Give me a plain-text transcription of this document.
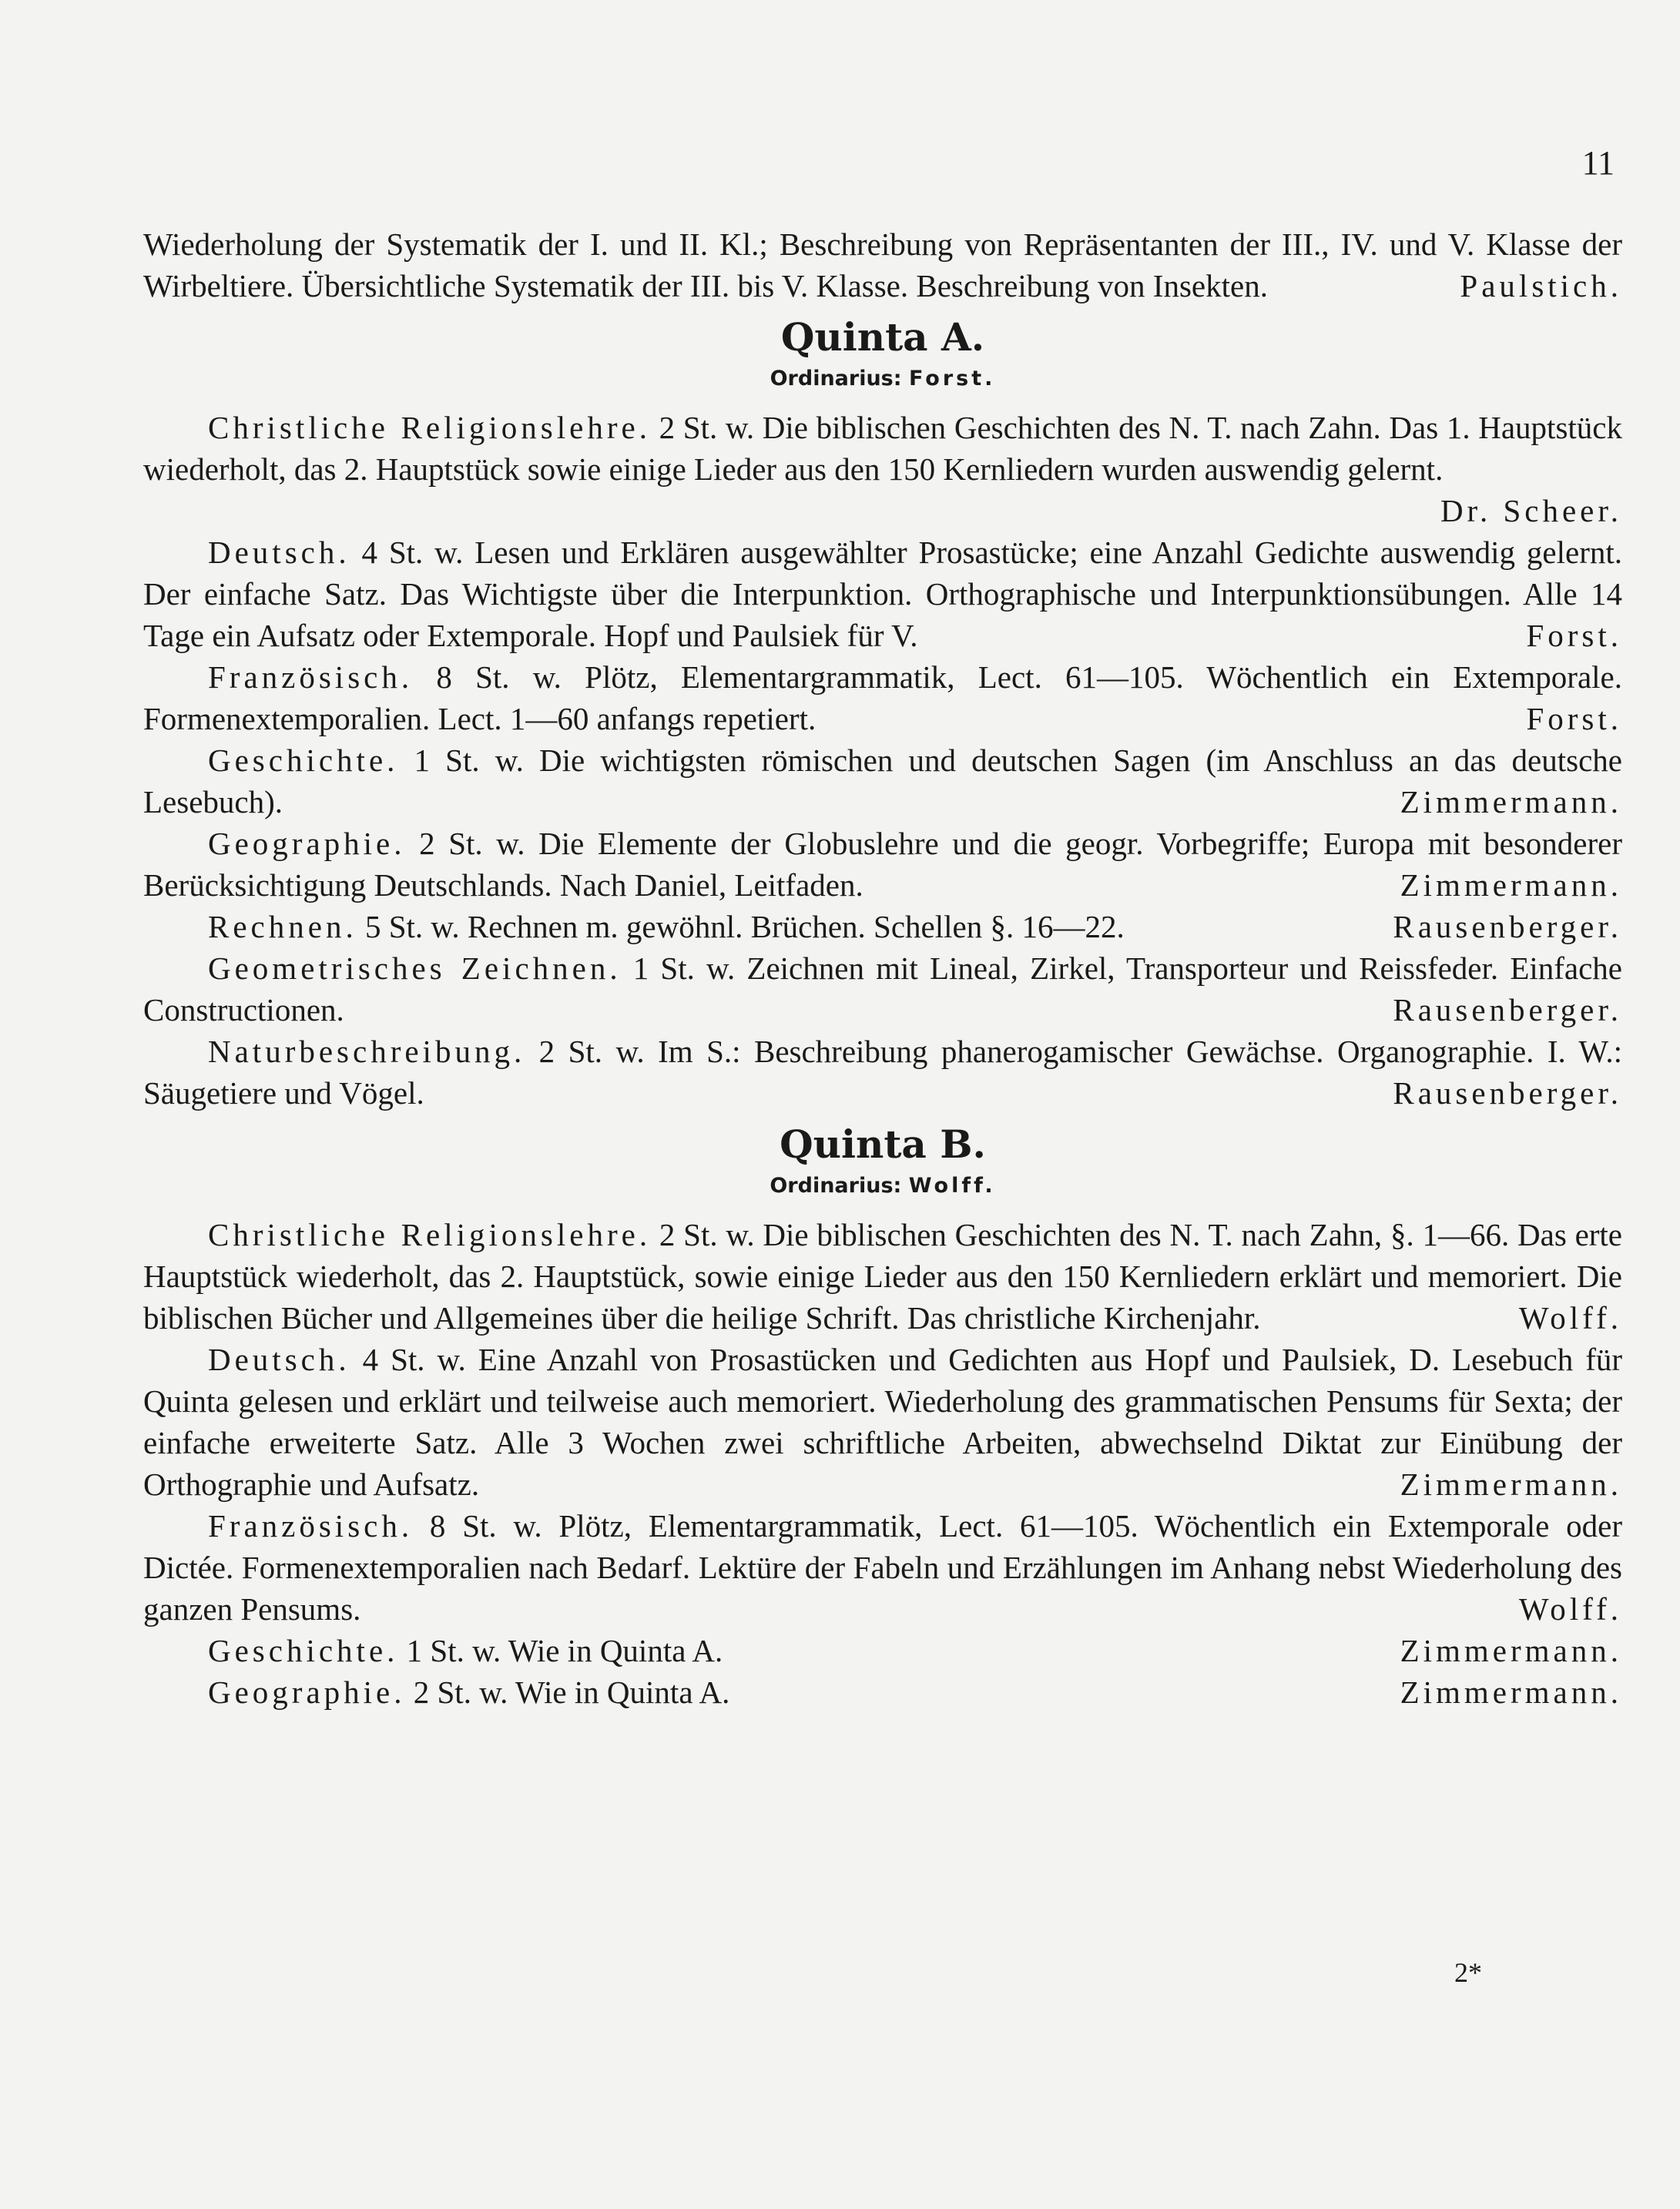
11

Wiederholung der Systematik der I. und II. Kl.; Beschreibung von Repräsentanten der III., IV. und V. Klasse der Wirbeltiere. Übersichtliche Systematik der III. bis V. Klasse. Beschreibung von Insekten.	Paulstich.

Quinta A.
Ordinarius: Forst.

Christliche Religionslehre. 2 St. w. Die biblischen Geschichten des N. T. nach Zahn. Das 1. Hauptstück wiederholt, das 2. Hauptstück sowie einige Lieder aus den 150 Kernliedern wurden auswendig gelernt.
Dr. Scheer.

Deutsch. 4 St. w. Lesen und Erklären ausgewählter Prosastücke; eine Anzahl Gedichte auswendig gelernt. Der einfache Satz. Das Wichtigste über die Interpunktion. Orthographische und Interpunktionsübungen. Alle 14 Tage ein Aufsatz oder Extemporale. Hopf und Paulsiek für V.	Forst.

Französisch. 8 St. w. Plötz, Elementargrammatik, Lect. 61—105. Wöchentlich ein Extemporale. Formenextemporalien. Lect. 1—60 anfangs repetiert.	Forst.

Geschichte. 1 St. w. Die wichtigsten römischen und deutschen Sagen (im Anschluss an das deutsche Lesebuch).	Zimmermann.

Geographie. 2 St. w. Die Elemente der Globuslehre und die geogr. Vorbegriffe; Europa mit besonderer Berücksichtigung Deutschlands. Nach Daniel, Leitfaden.	Zimmermann.

Rechnen. 5 St. w. Rechnen m. gewöhnl. Brüchen. Schellen §. 16—22.	Rausenberger.

Geometrisches Zeichnen. 1 St. w. Zeichnen mit Lineal, Zirkel, Transporteur und Reissfeder. Einfache Constructionen.	Rausenberger.

Naturbeschreibung. 2 St. w. Im S.: Beschreibung phanerogamischer Gewächse. Organographie. I. W.: Säugetiere und Vögel.	Rausenberger.

Quinta B.
Ordinarius: Wolff.

Christliche Religionslehre. 2 St. w. Die biblischen Geschichten des N. T. nach Zahn, §. 1—66. Das erte Hauptstück wiederholt, das 2. Hauptstück, sowie einige Lieder aus den 150 Kernliedern erklärt und memoriert. Die biblischen Bücher und Allgemeines über die heilige Schrift. Das christliche Kirchenjahr.	Wolff.

Deutsch. 4 St. w. Eine Anzahl von Prosastücken und Gedichten aus Hopf und Paulsiek, D. Lesebuch für Quinta gelesen und erklärt und teilweise auch memoriert. Wiederholung des grammatischen Pensums für Sexta; der einfache erweiterte Satz. Alle 3 Wochen zwei schriftliche Arbeiten, abwechselnd Diktat zur Einübung der Orthographie und Aufsatz.	Zimmermann.

Französisch. 8 St. w. Plötz, Elementargrammatik, Lect. 61—105. Wöchentlich ein Extemporale oder Dictée. Formenextemporalien nach Bedarf. Lektüre der Fabeln und Erzählungen im Anhang nebst Wiederholung des ganzen Pensums.	Wolff.

Geschichte. 1 St. w. Wie in Quinta A.	Zimmermann.

Geographie. 2 St. w. Wie in Quinta A.	Zimmermann.

2*
